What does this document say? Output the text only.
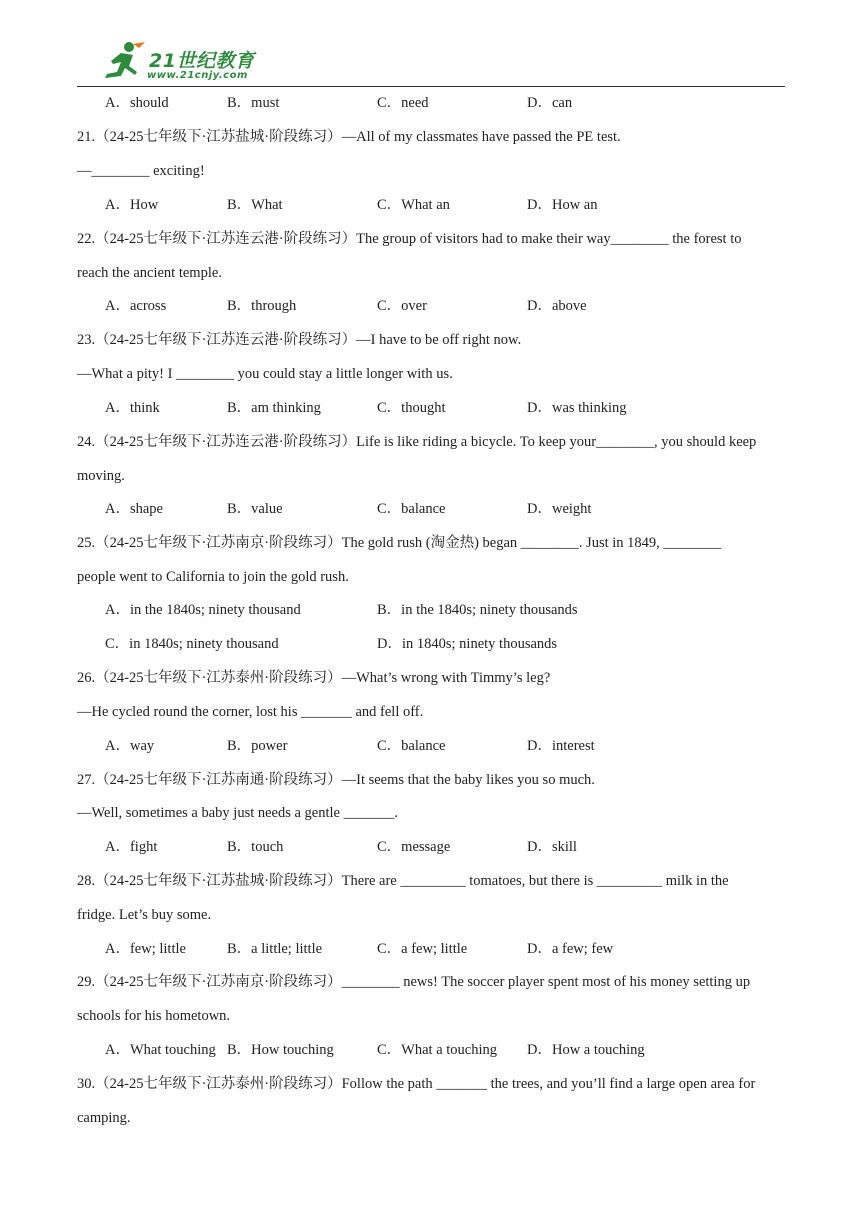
21世纪教育
www.21cnjy.com
A．should	B．must	C．need	D．can
21.（24-25七年级下·江苏盐城·阶段练习）—All of my classmates have passed the PE test.
—________ exciting!
A．How	B．What	C．What an	D．How an
22.（24-25七年级下·江苏连云港·阶段练习）The group of visitors had to make their way________ the forest to
reach the ancient temple.
A．across	B．through	C．over	D．above
23.（24-25七年级下·江苏连云港·阶段练习）—I have to be off right now.
—What a pity! I ________ you could stay a little longer with us.
A．think	B．am thinking	C．thought	D．was thinking
24.（24-25七年级下·江苏连云港·阶段练习）Life is like riding a bicycle. To keep your________, you should keep
moving.
A．shape	B．value	C．balance	D．weight
25.（24-25七年级下·江苏南京·阶段练习）The gold rush (淘金热) began ________. Just in 1849, ________
people went to California to join the gold rush.
A．in the 1840s; ninety thousand	B．in the 1840s; ninety thousands
C．in 1840s; ninety thousand	D．in 1840s; ninety thousands
26.（24-25七年级下·江苏泰州·阶段练习）—What’s wrong with Timmy’s leg?
—He cycled round the corner, lost his _______ and fell off.
A．way	B．power	C．balance	D．interest
27.（24-25七年级下·江苏南通·阶段练习）—It seems that the baby likes you so much.
—Well, sometimes a baby just needs a gentle _______.
A．fight	B．touch	C．message	D．skill
28.（24-25七年级下·江苏盐城·阶段练习）There are _________ tomatoes, but there is _________ milk in the
fridge. Let’s buy some.
A．few; little	B．a little; little	C．a few; little	D．a few; few
29.（24-25七年级下·江苏南京·阶段练习）________ news! The soccer player spent most of his money setting up
schools for his hometown.
A．What touching B．How touching	C．What a touching D．How a touching
30.（24-25七年级下·江苏泰州·阶段练习）Follow the path _______ the trees, and you’ll find a large open area for
camping.
